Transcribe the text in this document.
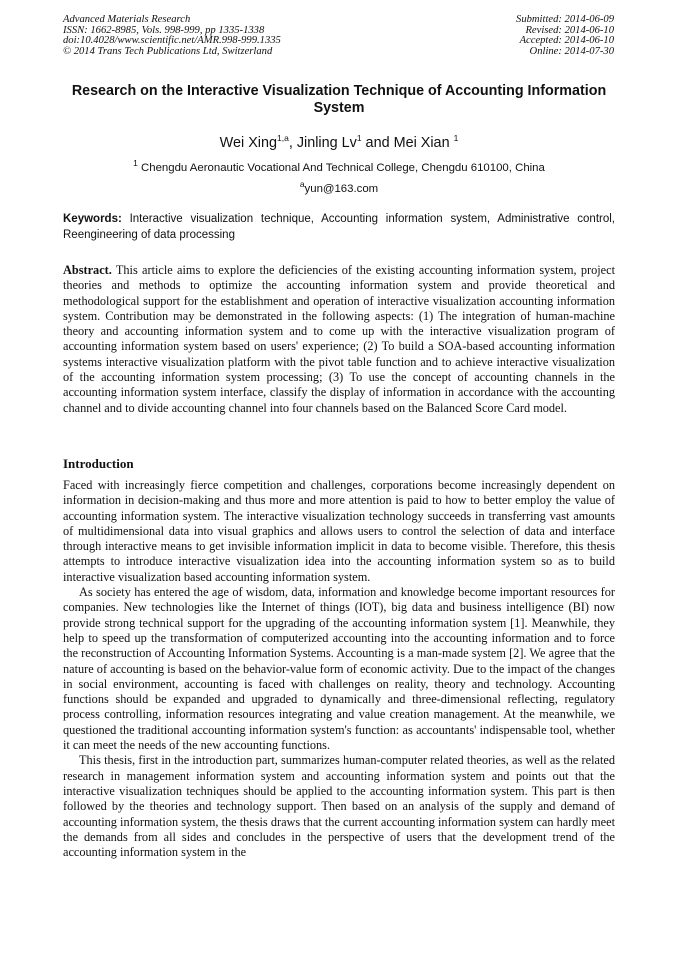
Advanced Materials Research
ISSN: 1662-8985, Vols. 998-999, pp 1335-1338
doi:10.4028/www.scientific.net/AMR.998-999.1335
© 2014 Trans Tech Publications Ltd, Switzerland
Submitted: 2014-06-09
Revised: 2014-06-10
Accepted: 2014-06-10
Online: 2014-07-30
Research on the Interactive Visualization Technique of Accounting Information System
Wei Xing$^{1,a}$, Jinling Lv$^1$ and Mei Xian $^1$
$^1$ Chengdu Aeronautic Vocational And Technical College, Chengdu 610100, China
$^a$yun@163.com
Keywords: Interactive visualization technique, Accounting information system, Administrative control, Reengineering of data processing
Abstract. This article aims to explore the deficiencies of the existing accounting information system, project theories and methods to optimize the accounting information system and provide theoretical and methodological support for the establishment and operation of interactive visualization accounting information system. Contribution may be demonstrated in the following aspects: (1) The integration of human-machine theory and accounting information system and to come up with the interactive visualization program of accounting information system based on users' experience; (2) To build a SOA-based accounting information systems interactive visualization platform with the pivot table function and to achieve interactive visualization of the accounting information system processing; (3) To use the concept of accounting channels in the accounting information system interface, classify the display of information in accordance with the accounting channel and to divide accounting channel into four channels based on the Balanced Score Card model.
Introduction

Faced with increasingly fierce competition and challenges, corporations become increasingly dependent on information in decision-making and thus more and more attention is paid to how to better employ the value of accounting information system. The interactive visualization technology succeeds in transferring vast amounts of multidimensional data into visual graphics and allows users to control the selection of data and interface through interactive means to get invisible information implicit in data to become visible. Therefore, this thesis attempts to introduce interactive visualization idea into the accounting information system so as to build interactive visualization based accounting information system.

As society has entered the age of wisdom, data, information and knowledge become important resources for companies. New technologies like the Internet of things (IOT), big data and business intelligence (BI) now provide strong technical support for the upgrading of the accounting information system [1]. Meanwhile, they help to speed up the transformation of computerized accounting into the accounting information and to force the reconstruction of Accounting Information Systems. Accounting is a man-made system [2]. We agree that the nature of accounting is based on the behavior-value form of economic activity. Due to the impact of the changes in social environment, accounting is faced with challenges on reality, theory and technology. Accounting functions should be expanded and upgraded to dynamically and three-dimensional reflecting, regulatory process controlling, information resources integrating and value creation management. At the meanwhile, we questioned the traditional accounting information system's function: as accountants' indispensable tool, whether it can meet the needs of the new accounting functions.

This thesis, first in the introduction part, summarizes human-computer related theories, as well as the related research in management information system and accounting information system and points out that the interactive visualization techniques should be applied to the accounting information system. This part is then followed by the theories and technology support. Then based on an analysis of the supply and demand of accounting information system, the thesis draws that the current accounting information system can hardly meet the demands from all sides and concludes in the perspective of users that the development trend of the accounting information system in the
